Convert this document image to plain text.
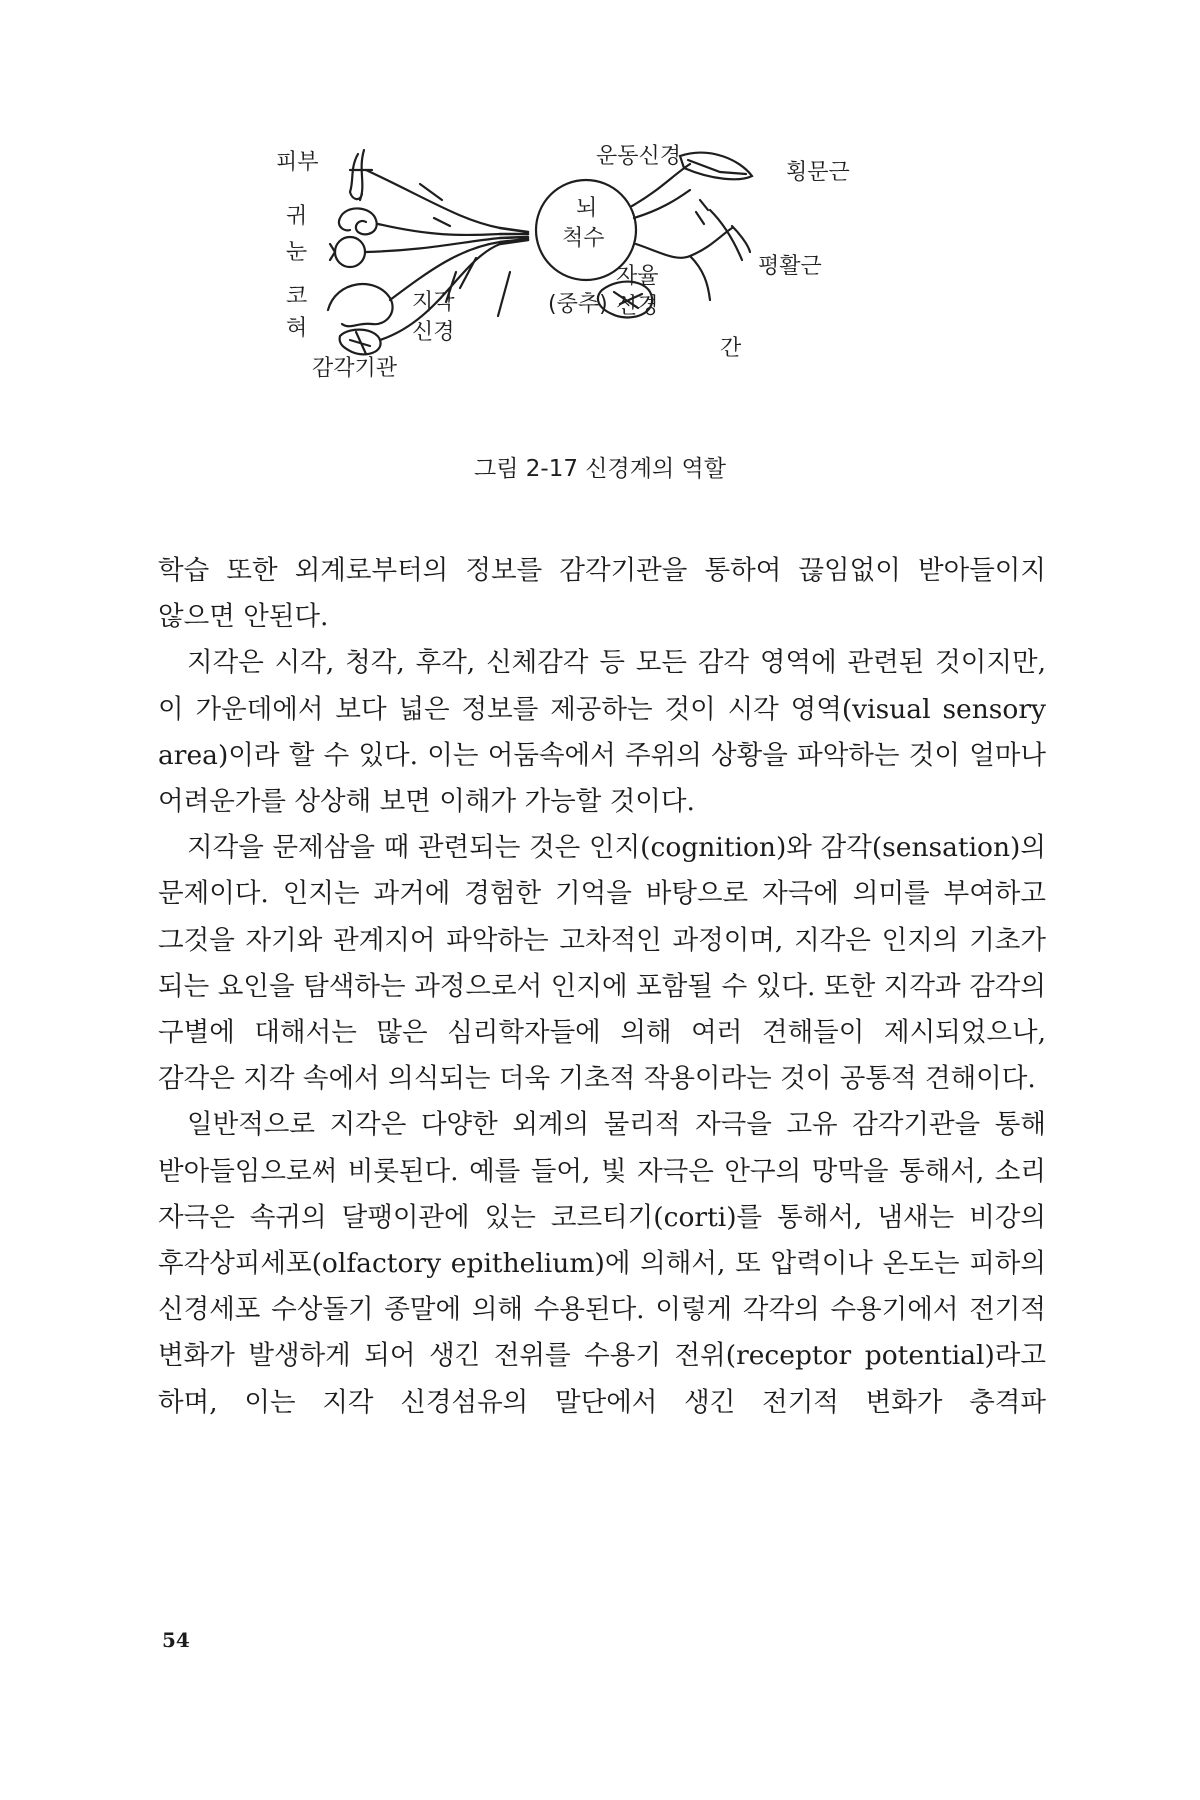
피부
귀
눈
코
혀
감각기관
지각
신경
뇌
척수
(중추)
자율
신경
운동신경
횡문근
평활근
간
그림 2-17 신경계의 역할

학습 또한 외계로부터의 정보를 감각기관을 통하여 끊임없이 받아들이지 않으면 안된다.

지각은 시각, 청각, 후각, 신체감각 등 모든 감각 영역에 관련된 것이지만, 이 가운데에서 보다 넓은 정보를 제공하는 것이 시각 영역(visual sensory area)이라 할 수 있다. 이는 어둠속에서 주위의 상황을 파악하는 것이 얼마나 어려운가를 상상해 보면 이해가 가능할 것이다.

지각을 문제삼을 때 관련되는 것은 인지(cognition)와 감각(sensation)의 문제이다. 인지는 과거에 경험한 기억을 바탕으로 자극에 의미를 부여하고 그것을 자기와 관계지어 파악하는 고차적인 과정이며, 지각은 인지의 기초가 되는 요인을 탐색하는 과정으로서 인지에 포함될 수 있다. 또한 지각과 감각의 구별에 대해서는 많은 심리학자들에 의해 여러 견해들이 제시되었으나, 감각은 지각 속에서 의식되는 더욱 기초적 작용이라는 것이 공통적 견해이다.

일반적으로 지각은 다양한 외계의 물리적 자극을 고유 감각기관을 통해 받아들임으로써 비롯된다. 예를 들어, 빛 자극은 안구의 망막을 통해서, 소리 자극은 속귀의 달팽이관에 있는 코르티기(corti)를 통해서, 냄새는 비강의 후각상피세포(olfactory epithelium)에 의해서, 또 압력이나 온도는 피하의 신경세포 수상돌기 종말에 의해 수용된다. 이렇게 각각의 수용기에서 전기적 변화가 발생하게 되어 생긴 전위를 수용기 전위(receptor potential)라고 하며, 이는 지각 신경섬유의 말단에서 생긴 전기적 변화가 충격파

54
